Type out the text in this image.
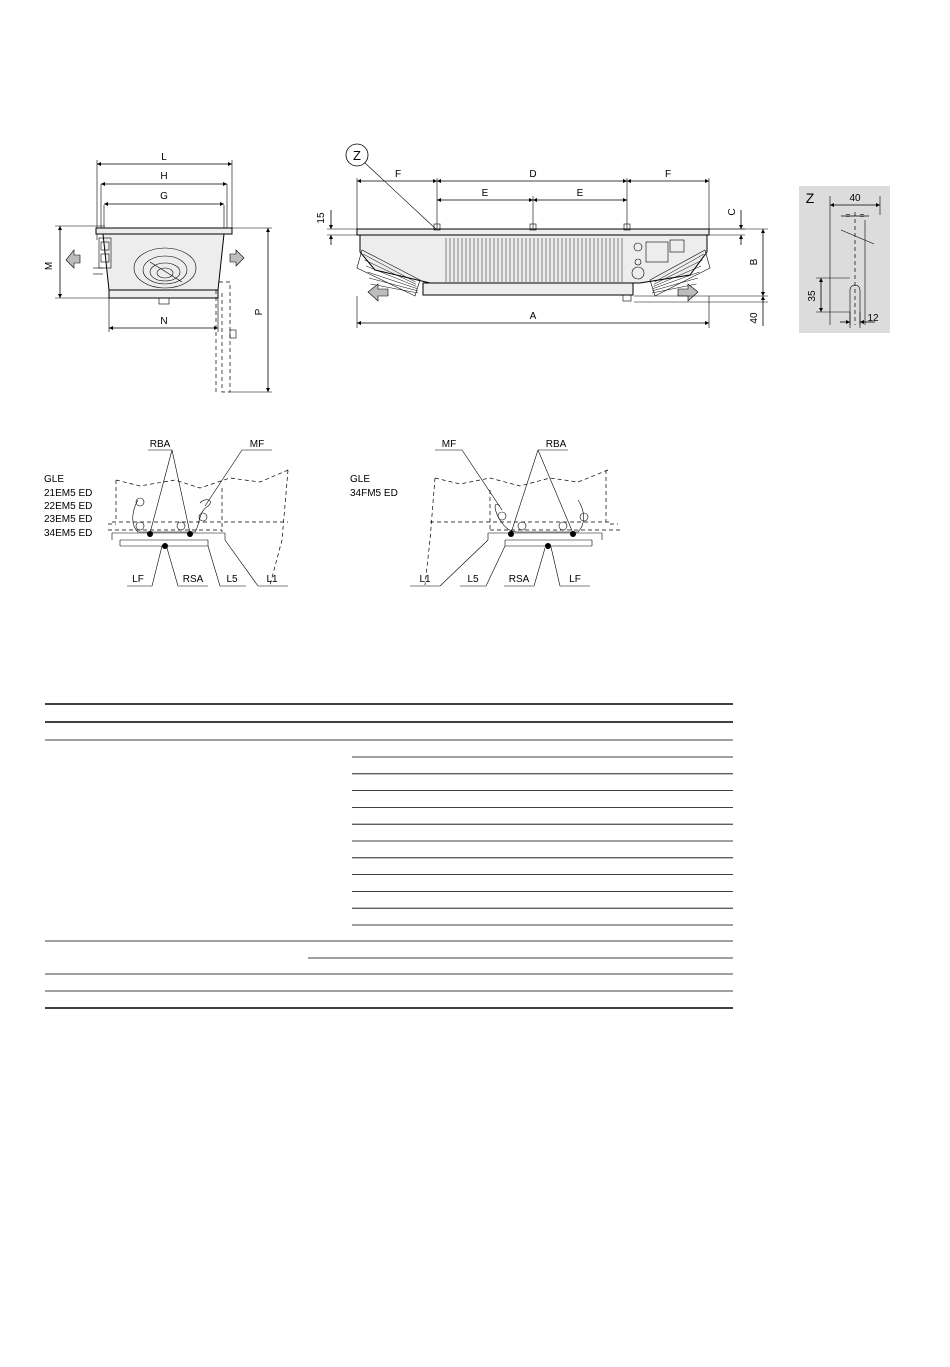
L
H
G
M
N
P
Z
F	D	F
E	E
15
C
B
40
A
Z	40
= =
35
12
GLE
21EM5 ED
22EM5 ED
23EM5 ED
34EM5 ED
RBA	MF
LF	RSA L5	L1
GLE
34FM5 ED
MF	RBA
L1	L5	RSA	LF
